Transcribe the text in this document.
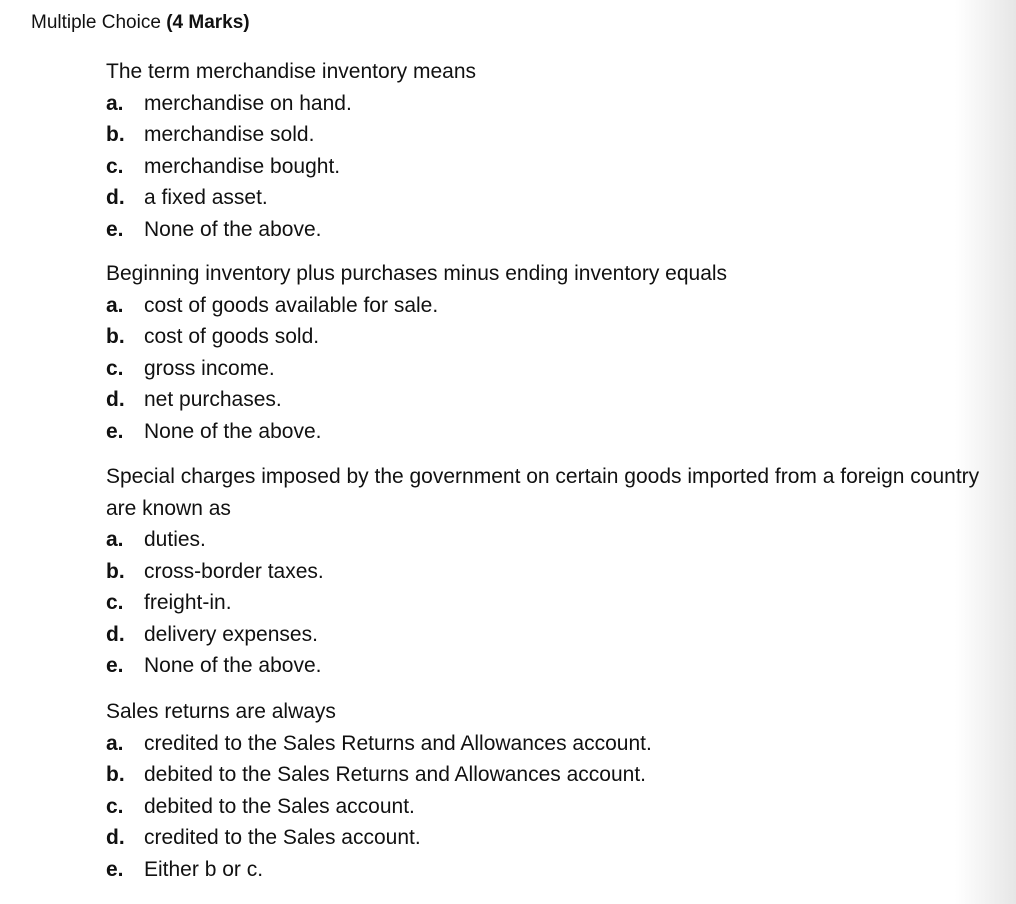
Multiple Choice (4 Marks)

The term merchandise inventory means

a. merchandise on hand.
b. merchandise sold.
c. merchandise bought.
d. a fixed asset.
e. None of the above.

Beginning inventory plus purchases minus ending inventory equals

a. cost of goods available for sale.
b. cost of goods sold.
c. gross income.
d. net purchases.
e. None of the above.

Special charges imposed by the government on certain goods imported from a foreign country are known as

a. duties.
b. cross-border taxes.
c. freight-in.
d. delivery expenses.
e. None of the above.

Sales returns are always

a. credited to the Sales Returns and Allowances account.
b. debited to the Sales Returns and Allowances account.
c. debited to the Sales account.
d. credited to the Sales account.
e. Either b or c.
